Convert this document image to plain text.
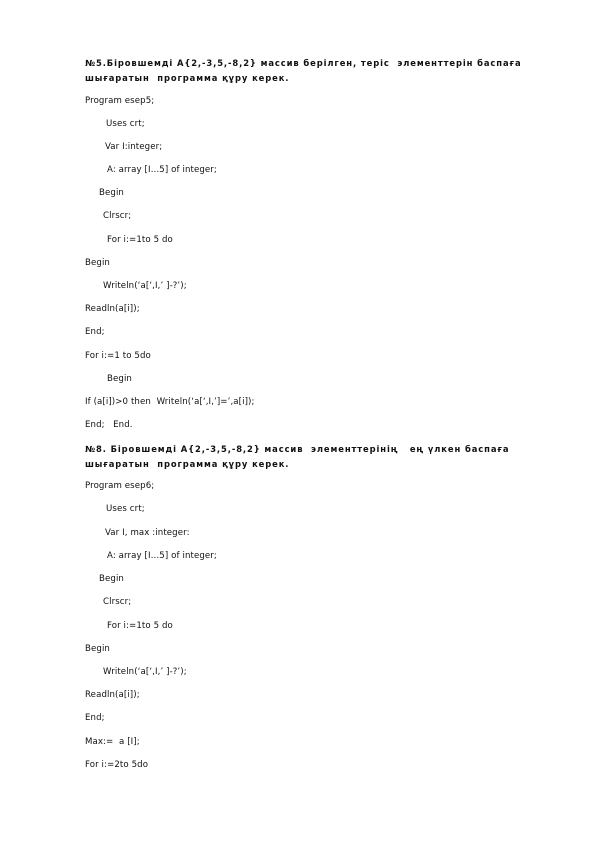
№5.Біровшемді А{2,-3,5,-8,2} массив берілген, теріс  элементтерін баспаға
шығаратын  программа құру керек.
Program esep5;
Uses crt;
Var I:integer;
A: array [I…5] of integer;
Begin
Clrscr;
For i:=1to 5 do
Begin
Writeln(‘a[‘,I,’ ]-?’);
Readln(a[i]);
End;
For i:=1 to 5do
Begin
If (a[i])>0 then  Writeln(‘a[‘,I,’]=’,a[i]);
End;   End.
№8. Біровшемді А{2,-3,5,-8,2} массив  элементтерінің   ең үлкен баспаға
шығаратын  программа құру керек.
Program esep6;
Uses crt;
Var I, max :integer:
A: array [I…5] of integer;
Begin
Clrscr;
For i:=1to 5 do
Begin
Writeln(‘a[‘,I,’ ]-?’);
Readln(a[i]);
End;
Max:=  a [I];
For i:=2to 5do
